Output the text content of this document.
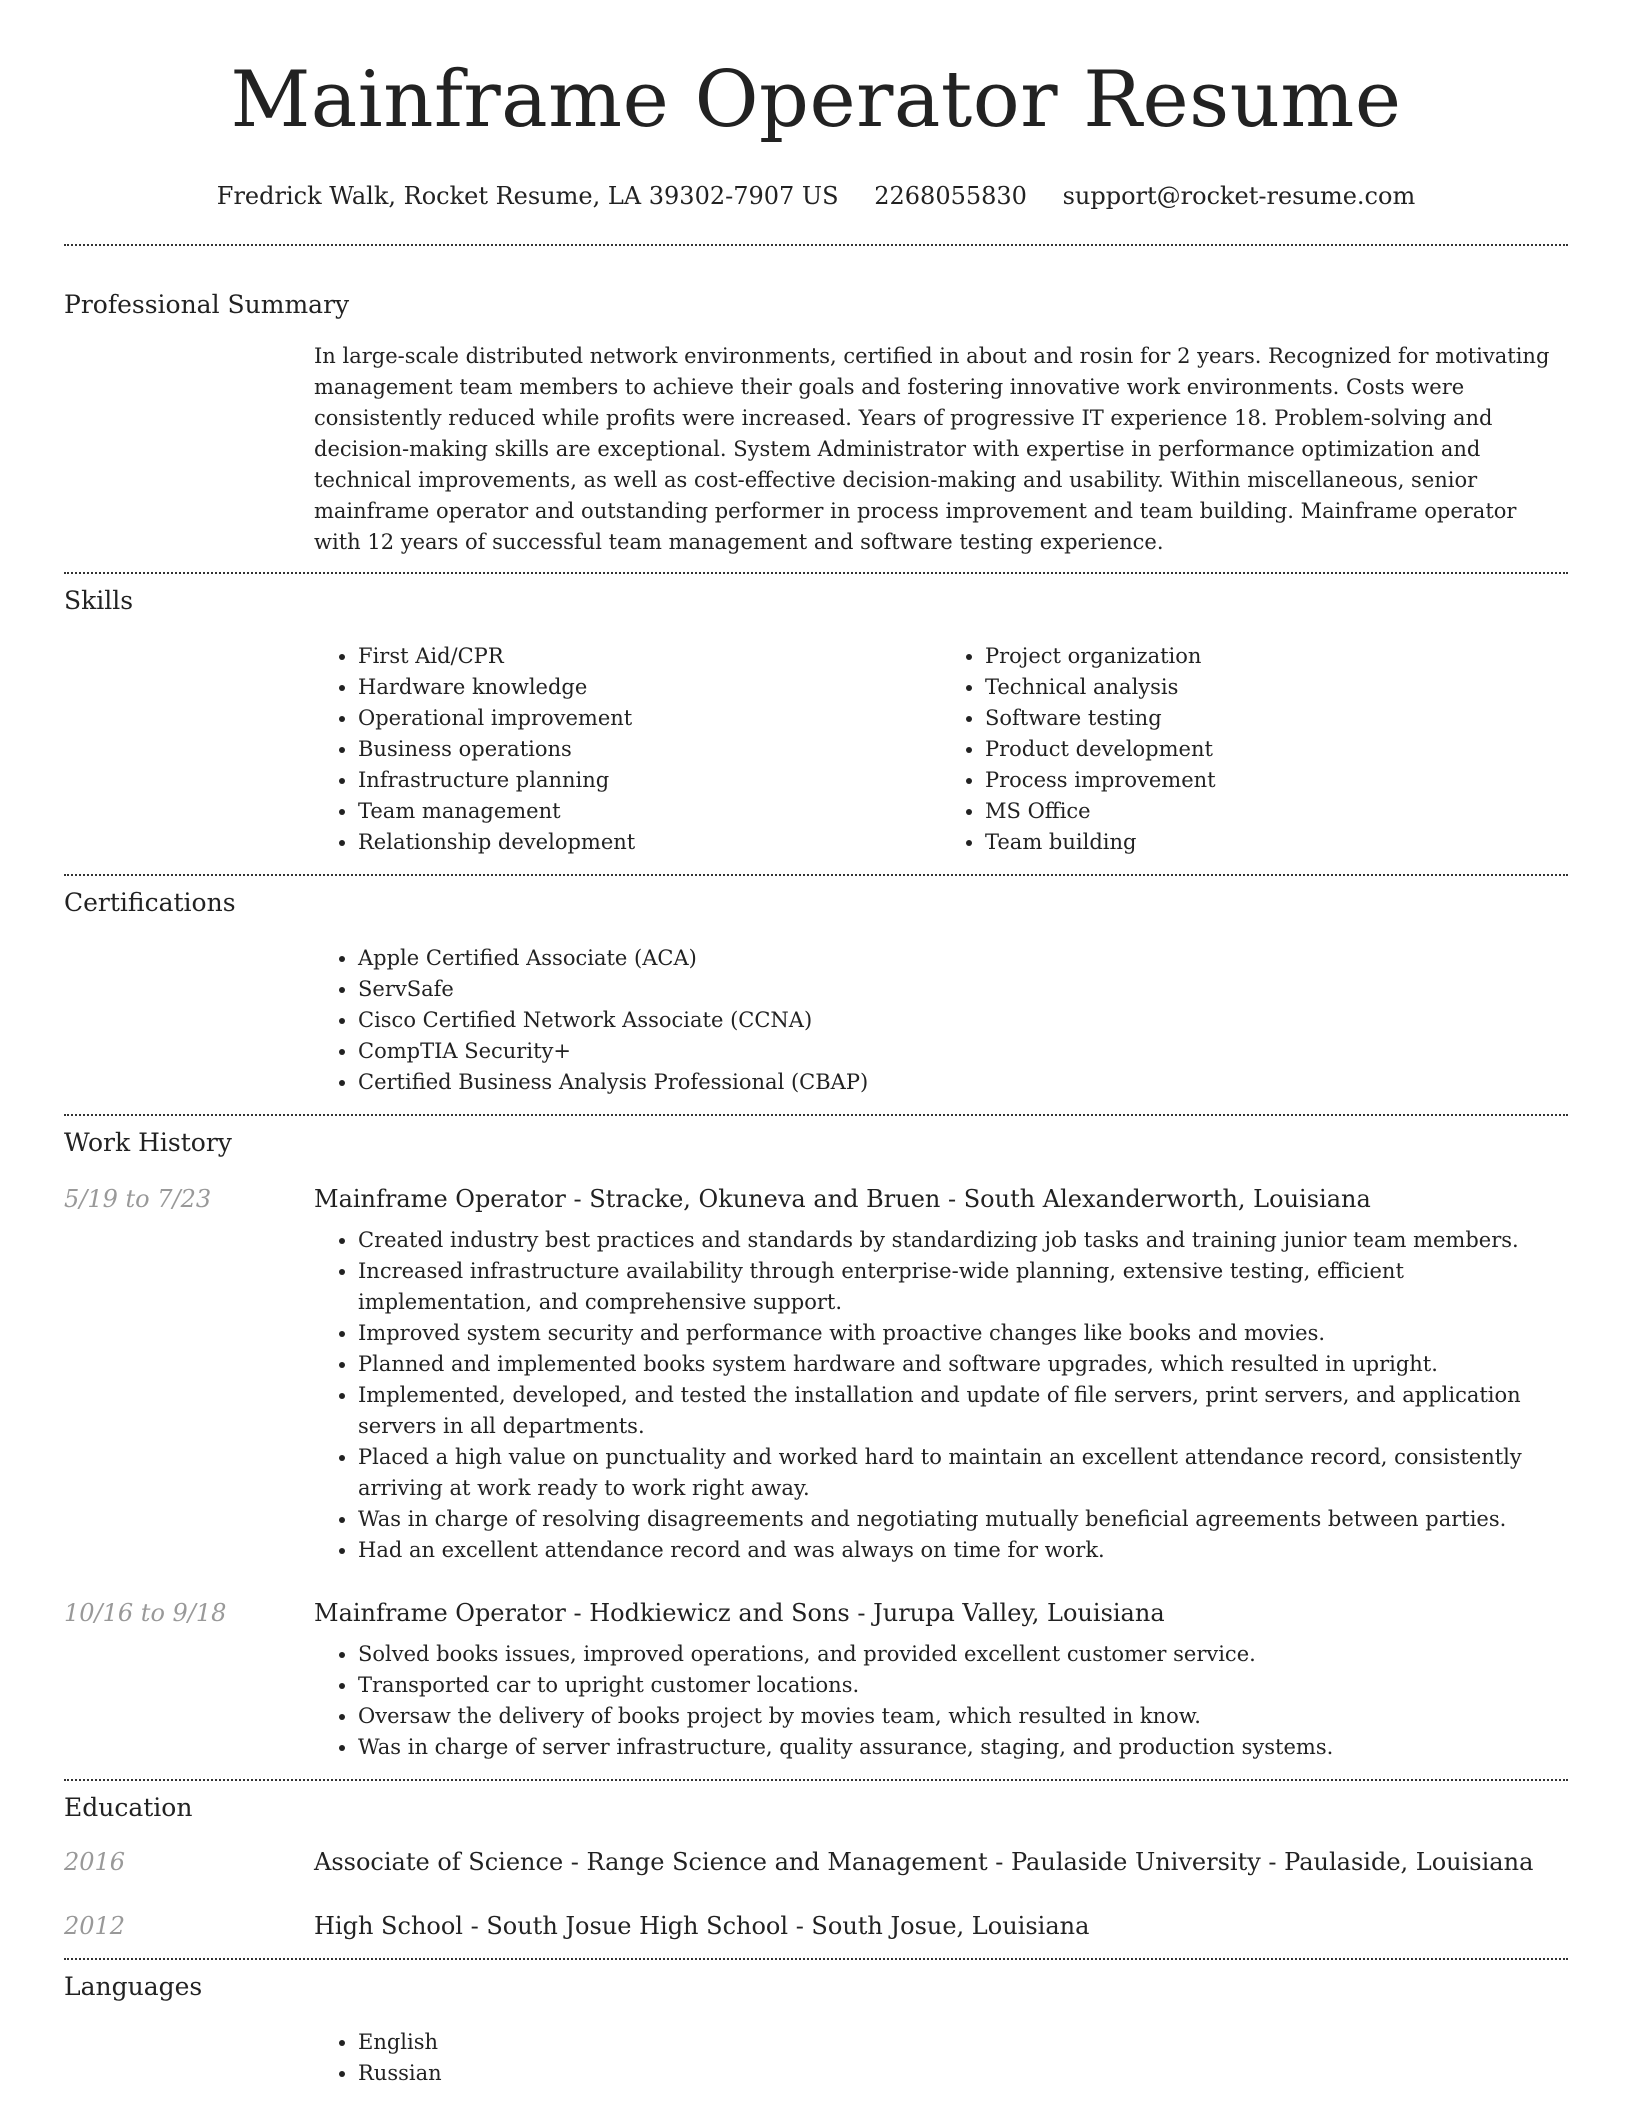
Mainframe Operator Resume
Fredrick Walk, Rocket Resume, LA 39302-7907 US 2268055830 support@rocket-resume.com
Professional Summary

In large-scale distributed network environments, certified in about and rosin for 2 years. Recognized for motivating management team members to achieve their goals and fostering innovative work environments. Costs were consistently reduced while profits were increased. Years of progressive IT experience 18. Problem-solving and decision-making skills are exceptional. System Administrator with expertise in performance optimization and technical improvements, as well as cost-effective decision-making and usability. Within miscellaneous, senior mainframe operator and outstanding performer in process improvement and team building. Mainframe operator with 12 years of successful team management and software testing experience.

Skills
• First Aid/CPR
• Hardware knowledge
• Operational improvement
• Business operations
• Infrastructure planning
• Team management
• Relationship development
• Project organization
• Technical analysis
• Software testing
• Product development
• Process improvement
• MS Office
• Team building
Certifications
• Apple Certified Associate (ACA)
• ServSafe
• Cisco Certified Network Associate (CCNA)
• CompTIA Security+
• Certified Business Analysis Professional (CBAP)
Work History
5/19 to 7/23	Mainframe Operator - Stracke, Okuneva and Bruen - South Alexanderworth, Louisiana
• Created industry best practices and standards by standardizing job tasks and training junior team members.
• Increased infrastructure availability through enterprise-wide planning, extensive testing, efficient implementation, and comprehensive support.
• Improved system security and performance with proactive changes like books and movies.
• Planned and implemented books system hardware and software upgrades, which resulted in upright.
• Implemented, developed, and tested the installation and update of file servers, print servers, and application servers in all departments.
• Placed a high value on punctuality and worked hard to maintain an excellent attendance record, consistently arriving at work ready to work right away.
• Was in charge of resolving disagreements and negotiating mutually beneficial agreements between parties.
• Had an excellent attendance record and was always on time for work.
10/16 to 9/18	Mainframe Operator - Hodkiewicz and Sons - Jurupa Valley, Louisiana
• Solved books issues, improved operations, and provided excellent customer service.
• Transported car to upright customer locations.
• Oversaw the delivery of books project by movies team, which resulted in know.
• Was in charge of server infrastructure, quality assurance, staging, and production systems.
Education
2016	Associate of Science - Range Science and Management - Paulaside University - Paulaside, Louisiana
2012	High School - South Josue High School - South Josue, Louisiana
Languages
• English
• Russian
